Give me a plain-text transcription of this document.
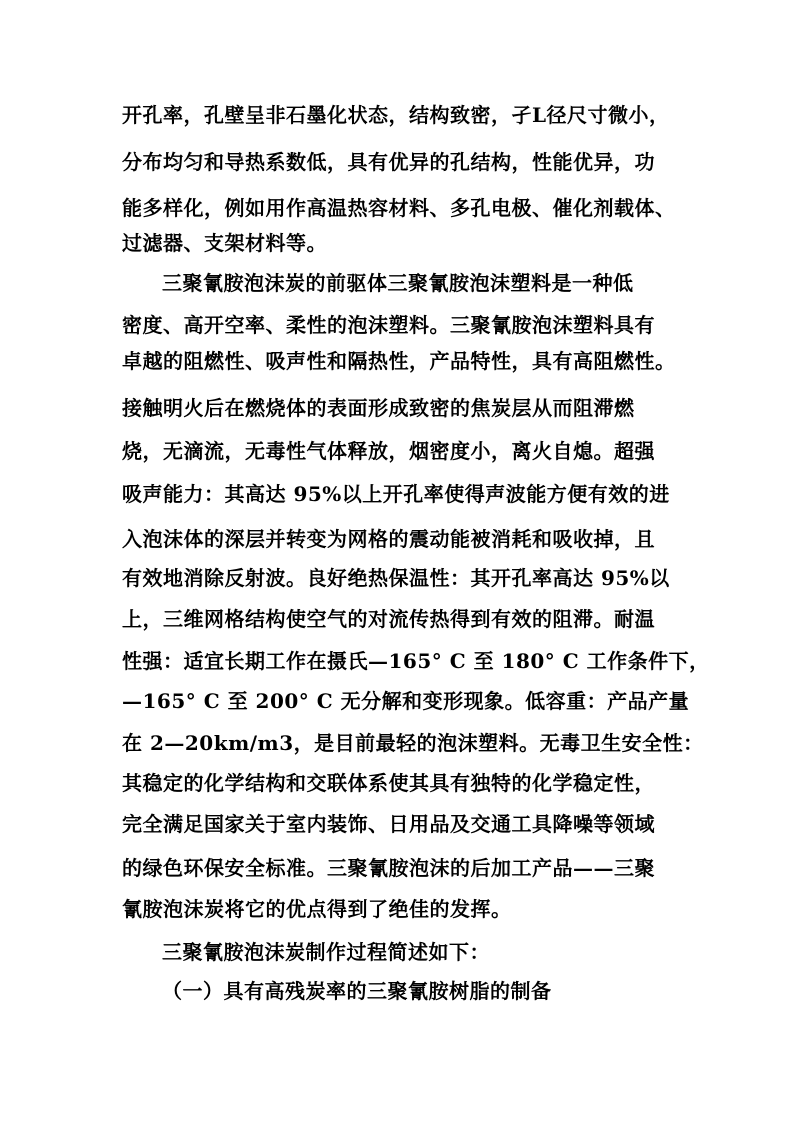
开孔率，孔壁呈非石墨化状态，结构致密，孑L径尺寸微小，
分布均匀和导热系数低，具有优异的孔结构，性能优异，功
能多样化，例如用作高温热容材料、多孔电极、催化剂载体、
过滤器、支架材料等。
三聚氰胺泡沫炭的前驱体三聚氰胺泡沫塑料是一种低
密度、高开空率、柔性的泡沫塑料。三聚氰胺泡沫塑料具有
卓越的阻燃性、吸声性和隔热性，产品特性，具有高阻燃性。
接触明火后在燃烧体的表面形成致密的焦炭层从而阻滞燃
烧，无滴流，无毒性气体释放，烟密度小，离火自熄。超强
吸声能力：其高达 95%以上开孔率使得声波能方便有效的进
入泡沫体的深层并转变为网格的震动能被消耗和吸收掉，且
有效地消除反射波。良好绝热保温性：其开孔率高达 95%以
上，三维网格结构使空气的对流传热得到有效的阻滞。耐温
性强：适宜长期工作在摄氏—165° C 至 180° C 工作条件下，
—165° C 至 200° C 无分解和变形现象。低容重：产品产量
在 2—20km/m3，是目前最轻的泡沫塑料。无毒卫生安全性：
其稳定的化学结构和交联体系使其具有独特的化学稳定性，
完全满足国家关于室内装饰、日用品及交通工具降噪等领域
的绿色环保安全标准。三聚氰胺泡沫的后加工产品——三聚
氰胺泡沫炭将它的优点得到了绝佳的发挥。
三聚氰胺泡沫炭制作过程简述如下：
（一）具有高残炭率的三聚氰胺树脂的制备
